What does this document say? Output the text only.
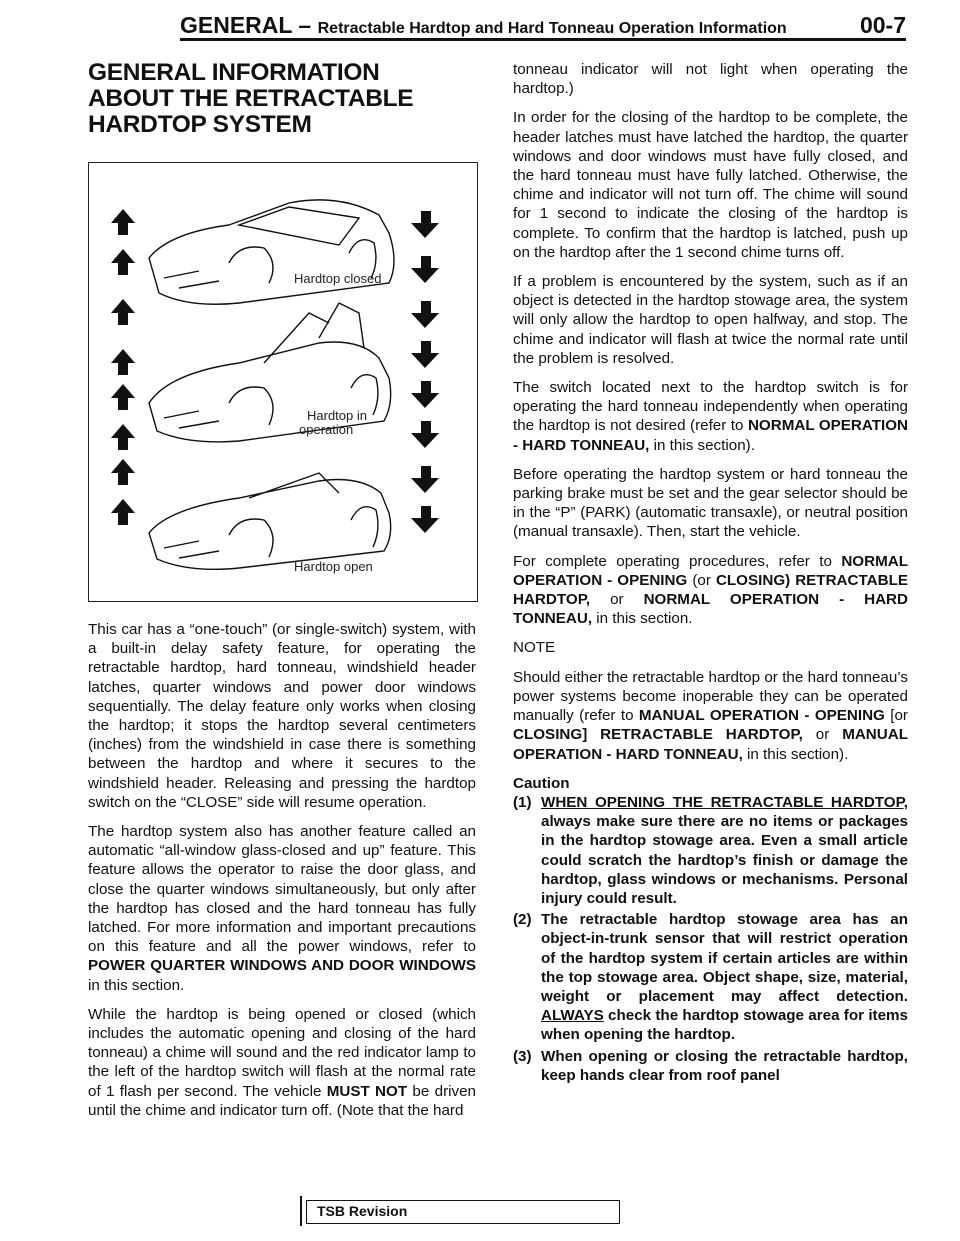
GENERAL – Retractable Hardtop and Hard Tonneau Operation Information	00-7
GENERAL INFORMATION
ABOUT THE RETRACTABLE
HARDTOP SYSTEM
Hardtop closed
Hardtop in
operation
Hardtop open

This car has a “one-touch” (or single-switch) system, with a built-in delay safety feature, for operating the retractable hardtop, hard tonneau, windshield header latches, quarter windows and power door windows sequentially. The delay feature only works when closing the hardtop; it stops the hardtop several centimeters (inches) from the windshield in case there is something between the hardtop and where it secures to the windshield header. Releasing and pressing the hardtop switch on the “CLOSE” side will resume operation.

The hardtop system also has another feature called an automatic “all-window glass-closed and up” feature. This feature allows the operator to raise the door glass, and close the quarter windows simultaneously, but only after the hardtop has closed and the hard tonneau has fully latched. For more information and important precautions on this feature and all the power windows, refer to POWER QUARTER WINDOWS AND DOOR WINDOWS in this section.

While the hardtop is being opened or closed (which includes the automatic opening and closing of the hard tonneau) a chime will sound and the red indicator lamp to the left of the hardtop switch will flash at the normal rate of 1 flash per second. The vehicle MUST NOT be driven until the chime and indicator turn off. (Note that the hard

tonneau indicator will not light when operating the hardtop.)

In order for the closing of the hardtop to be complete, the header latches must have latched the hardtop, the quarter windows and door windows must have fully closed, and the hard tonneau must have fully latched. Otherwise, the chime and indicator will not turn off. The chime will sound for 1 second to indicate the closing of the hardtop is complete. To confirm that the hardtop is latched, push up on the hardtop after the 1 second chime turns off.

If a problem is encountered by the system, such as if an object is detected in the hardtop stowage area, the system will only allow the hardtop to open halfway, and stop. The chime and indicator will flash at twice the normal rate until the problem is resolved.

The switch located next to the hardtop switch is for operating the hard tonneau independently when operating the hardtop is not desired (refer to NORMAL OPERATION - HARD TONNEAU, in this section).

Before operating the hardtop system or hard tonneau the parking brake must be set and the gear selector should be in the “P” (PARK) (automatic transaxle), or neutral position (manual transaxle). Then, start the vehicle.

For complete operating procedures, refer to NORMAL OPERATION - OPENING (or CLOSING) RETRACTABLE HARDTOP, or NORMAL OPERATION - HARD TONNEAU, in this section.

NOTE

Should either the retractable hardtop or the hard tonneau’s power systems become inoperable they can be operated manually (refer to MANUAL OPERATION - OPENING [or CLOSING] RETRACTABLE HARDTOP, or MANUAL OPERATION - HARD TONNEAU, in this section).

Caution
(1) WHEN OPENING THE RETRACTABLE HARDTOP, always make sure there are no items or packages in the hardtop stowage area. Even a small article could scratch the hardtop’s finish or damage the hardtop, glass windows or mechanisms. Personal injury could result.
(2) The retractable hardtop stowage area has an object-in-trunk sensor that will restrict operation of the hardtop system if certain articles are within the top stowage area. Object shape, size, material, weight or placement may affect detection. ALWAYS check the hardtop stowage area for items when opening the hardtop.
(3) When opening or closing the retractable hardtop, keep hands clear from roof panel
TSB Revision
